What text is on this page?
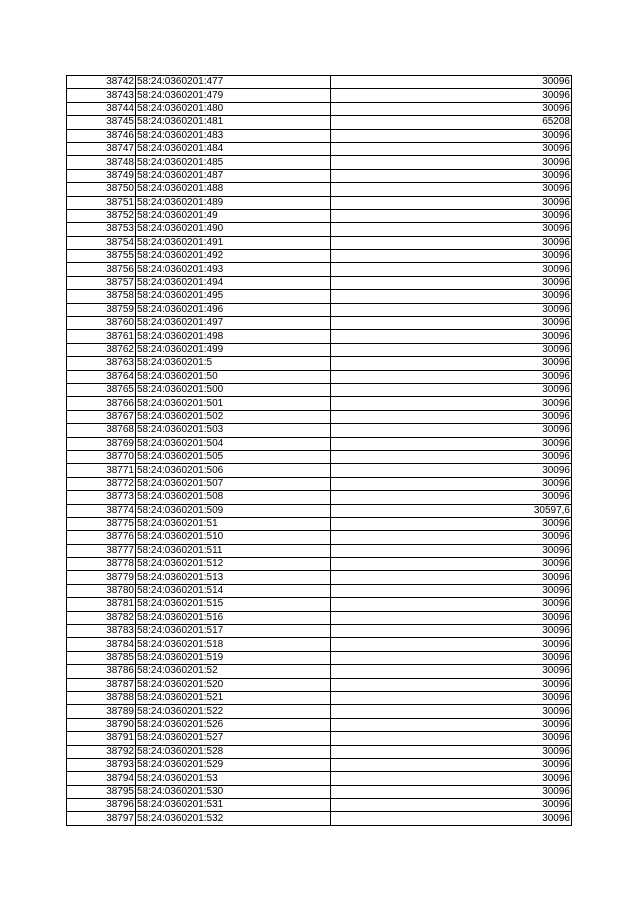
38742	58:24:0360201:477	30096
38743	58:24:0360201:479	30096
38744	58:24:0360201:480	30096
38745	58:24:0360201:481	65208
38746	58:24:0360201:483	30096
38747	58:24:0360201:484	30096
38748	58:24:0360201:485	30096
38749	58:24:0360201:487	30096
38750	58:24:0360201:488	30096
38751	58:24:0360201:489	30096
38752	58:24:0360201:49	30096
38753	58:24:0360201:490	30096
38754	58:24:0360201:491	30096
38755	58:24:0360201:492	30096
38756	58:24:0360201:493	30096
38757	58:24:0360201:494	30096
38758	58:24:0360201:495	30096
38759	58:24:0360201:496	30096
38760	58:24:0360201:497	30096
38761	58:24:0360201:498	30096
38762	58:24:0360201:499	30096
38763	58:24:0360201:5	30096
38764	58:24:0360201:50	30096
38765	58:24:0360201:500	30096
38766	58:24:0360201:501	30096
38767	58:24:0360201:502	30096
38768	58:24:0360201:503	30096
38769	58:24:0360201:504	30096
38770	58:24:0360201:505	30096
38771	58:24:0360201:506	30096
38772	58:24:0360201:507	30096
38773	58:24:0360201:508	30096
38774	58:24:0360201:509	30597,6
38775	58:24:0360201:51	30096
38776	58:24:0360201:510	30096
38777	58:24:0360201:511	30096
38778	58:24:0360201:512	30096
38779	58:24:0360201:513	30096
38780	58:24:0360201:514	30096
38781	58:24:0360201:515	30096
38782	58:24:0360201:516	30096
38783	58:24:0360201:517	30096
38784	58:24:0360201:518	30096
38785	58:24:0360201:519	30096
38786	58:24:0360201:52	30096
38787	58:24:0360201:520	30096
38788	58:24:0360201:521	30096
38789	58:24:0360201:522	30096
38790	58:24:0360201:526	30096
38791	58:24:0360201:527	30096
38792	58:24:0360201:528	30096
38793	58:24:0360201:529	30096
38794	58:24:0360201:53	30096
38795	58:24:0360201:530	30096
38796	58:24:0360201:531	30096
38797	58:24:0360201:532	30096
